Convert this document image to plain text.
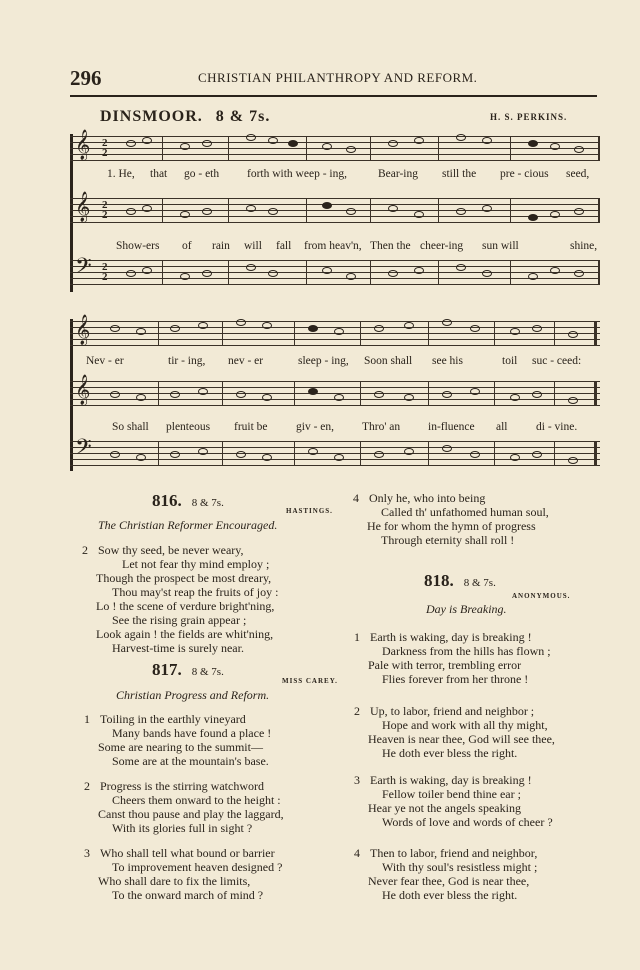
296	CHRISTIAN PHILANTHROPY AND REFORM.
DINSMOOR. 8 & 7s.	H. S. PERKINS.
𝄞
𝄞
𝄢
2
2
2
2
2
2
1. He, that go - eth forth with weep - ing,	Bear-ing still the pre - cious seed,
Show-ers of rain will fall from heav'n, Then the cheer-ing sun will	shine,
𝄞
𝄞
𝄢
Nev - er	tir - ing, nev - er	sleep - ing, Soon shall see his	toil suc - ceed:
So shall plenteous fruit be giv - en, Thro' an in-fluence all di - vine.
816. 8 & 7s.
HASTINGS.
The Christian Reformer Encouraged.
2 Sow thy seed, be never weary,
Let not fear thy mind employ ;
Though the prospect be most dreary,
Thou may'st reap the fruits of joy :
Lo ! the scene of verdure bright'ning,
See the rising grain appear ;
Look again ! the fields are whit'ning,
Harvest-time is surely near.
817. 8 & 7s.
MISS CAREY.
Christian Progress and Reform.
1 Toiling in the earthly vineyard
Many bands have found a place !
Some are nearing to the summit—
Some are at the mountain's base.
2 Progress is the stirring watchword
Cheers them onward to the height :
Canst thou pause and play the laggard,
With its glories full in sight ?
3 Who shall tell what bound or barrier
To improvement heaven designed ?
Who shall dare to fix the limits,
To the onward march of mind ?
4 Only he, who into being
Called th' unfathomed human soul,
He for whom the hymn of progress
Through eternity shall roll !
818. 8 & 7s.
ANONYMOUS.
Day is Breaking.
1 Earth is waking, day is breaking !
Darkness from the hills has flown ;
Pale with terror, trembling error
Flies forever from her throne !
2 Up, to labor, friend and neighbor ;
Hope and work with all thy might,
Heaven is near thee, God will see thee,
He doth ever bless the right.
3 Earth is waking, day is breaking !
Fellow toiler bend thine ear ;
Hear ye not the angels speaking
Words of love and words of cheer ?
4 Then to labor, friend and neighbor,
With thy soul's resistless might ;
Never fear thee, God is near thee,
He doth ever bless the right.
